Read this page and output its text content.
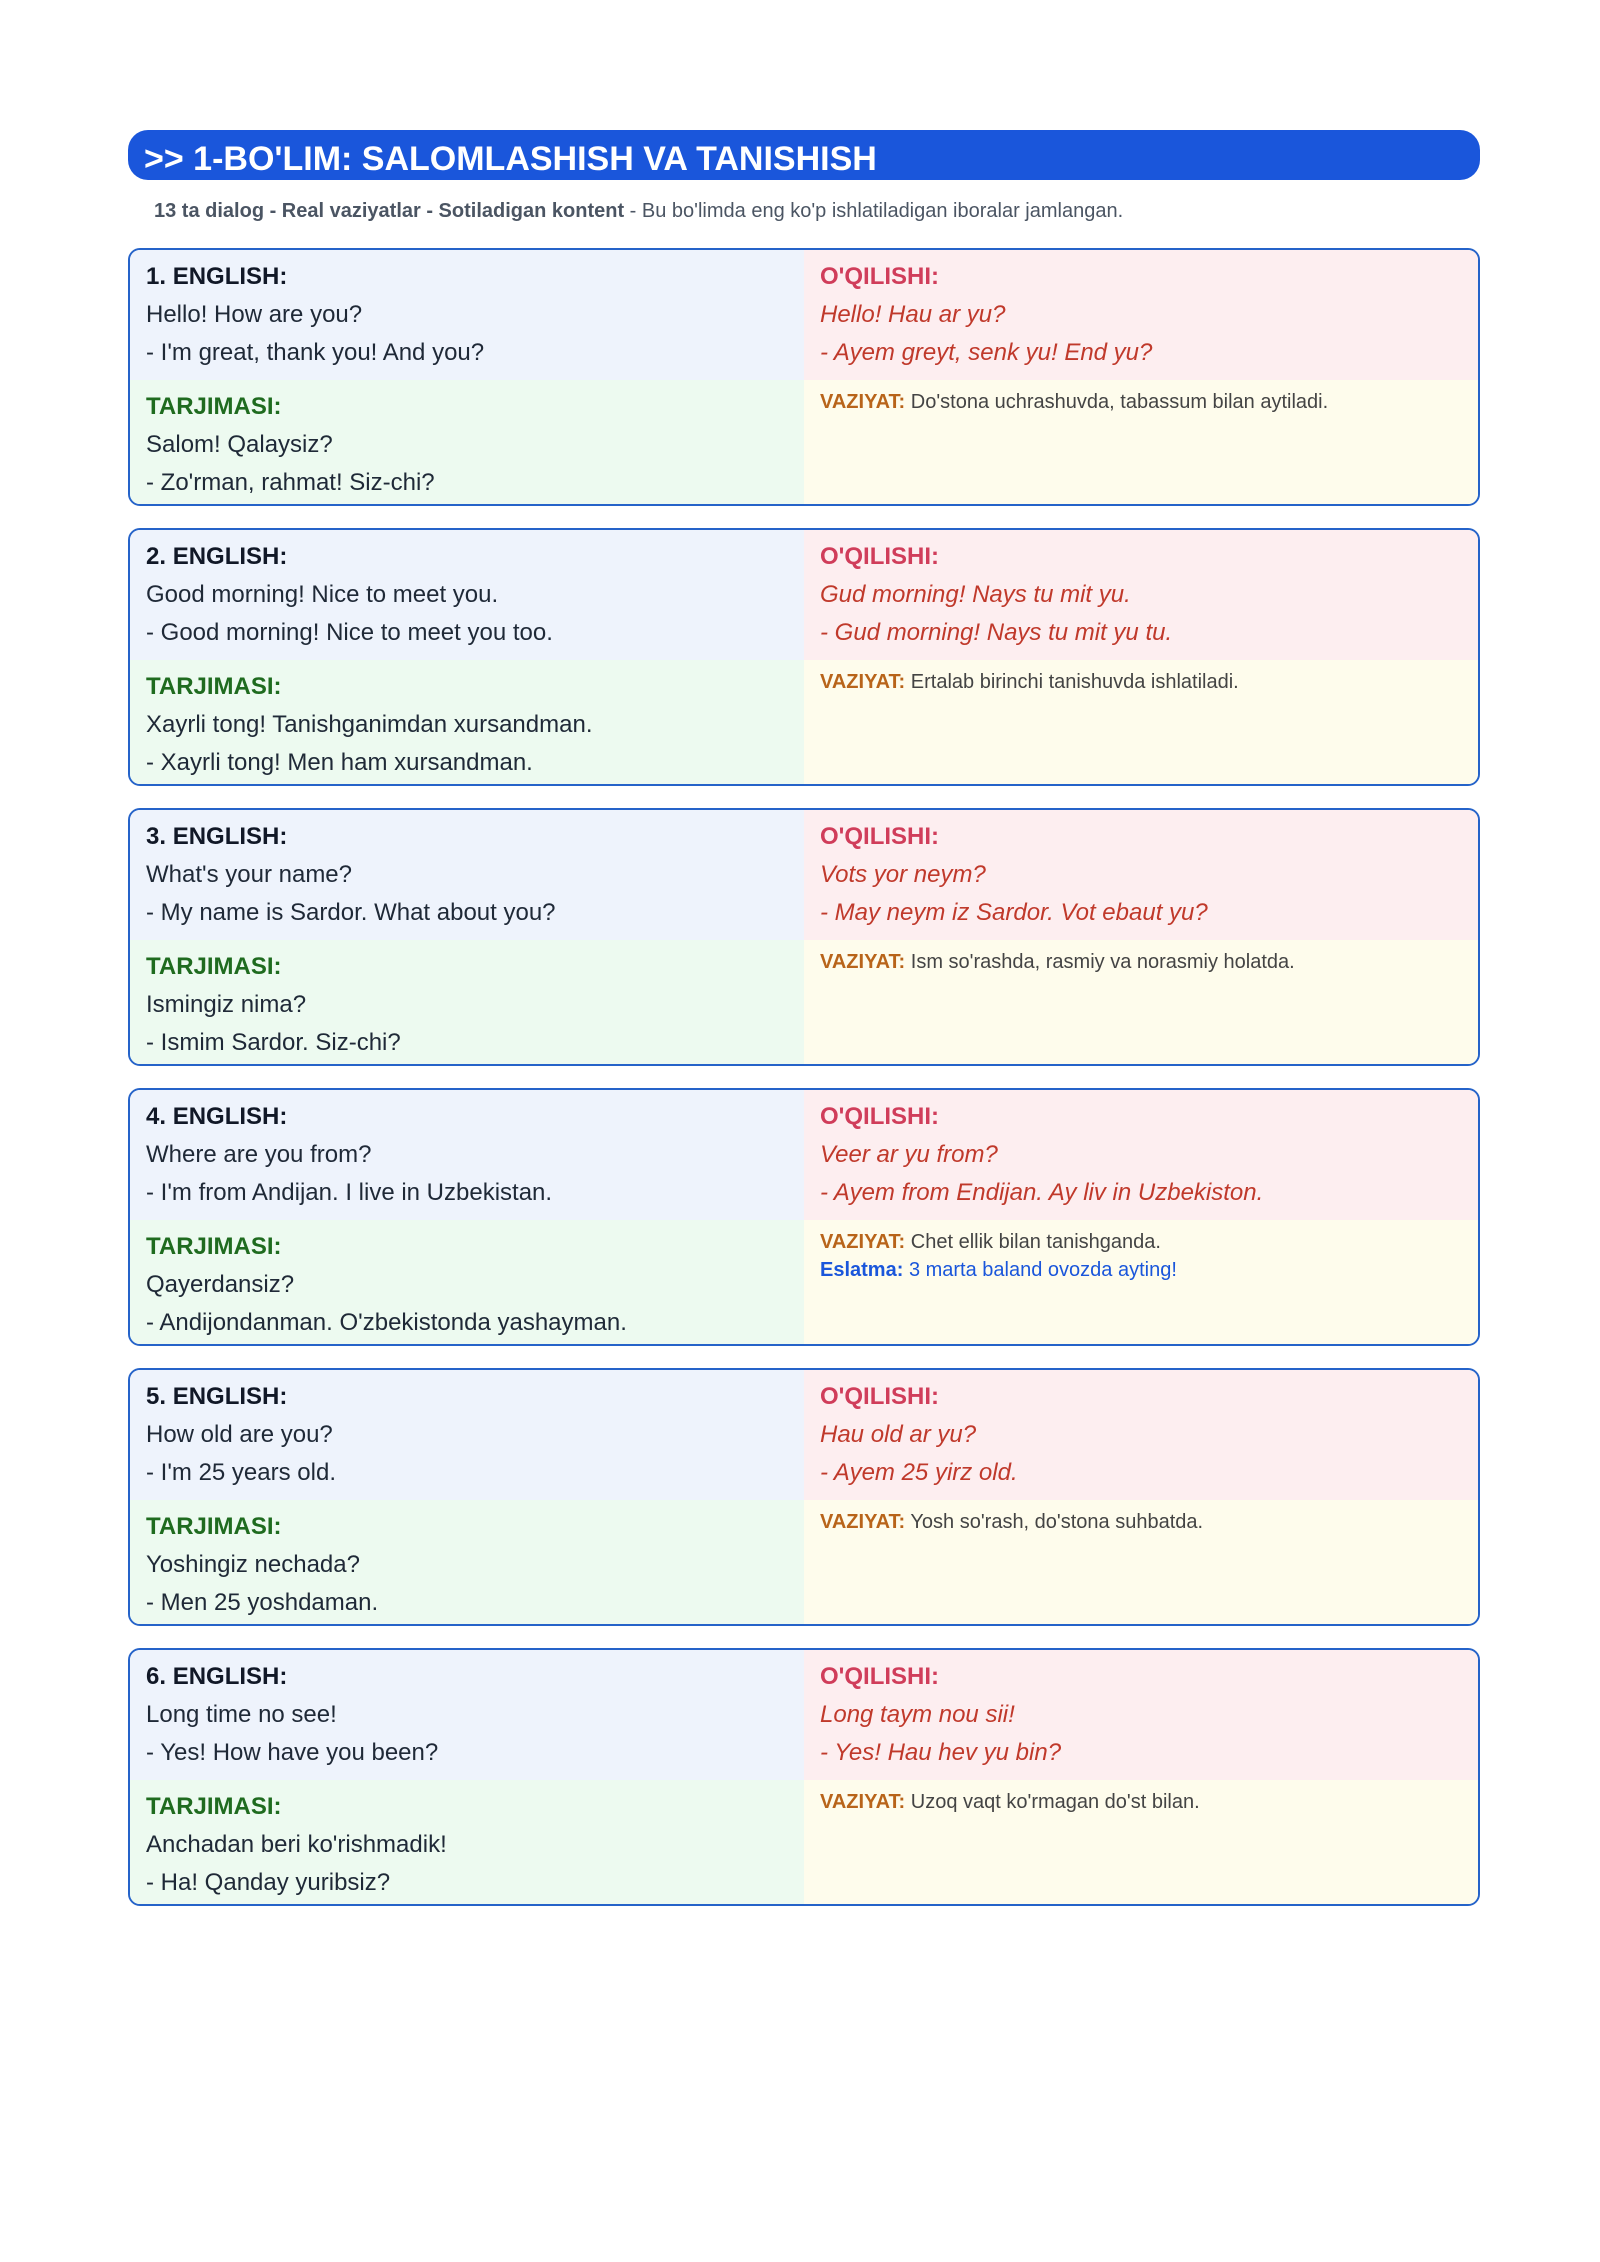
>> 1-BO'LIM: SALOMLASHISH VA TANISHISH
13 ta dialog - Real vaziyatlar - Sotiladigan kontent - Bu bo'limda eng ko'p ishlatiladigan iboralar jamlangan.
1. ENGLISH:
Hello! How are you?
- I'm great, thank you! And you?
O'QILISHI:
Hello! Hau ar yu?
- Ayem greyt, senk yu! End yu?
TARJIMASI:
Salom! Qalaysiz?
- Zo'rman, rahmat! Siz-chi?
VAZIYAT: Do'stona uchrashuvda, tabassum bilan aytiladi.
2. ENGLISH:
Good morning! Nice to meet you.
- Good morning! Nice to meet you too.
O'QILISHI:
Gud morning! Nays tu mit yu.
- Gud morning! Nays tu mit yu tu.
TARJIMASI:
Xayrli tong! Tanishganimdan xursandman.
- Xayrli tong! Men ham xursandman.
VAZIYAT: Ertalab birinchi tanishuvda ishlatiladi.
3. ENGLISH:
What's your name?
- My name is Sardor. What about you?
O'QILISHI:
Vots yor neym?
- May neym iz Sardor. Vot ebaut yu?
TARJIMASI:
Ismingiz nima?
- Ismim Sardor. Siz-chi?
VAZIYAT: Ism so'rashda, rasmiy va norasmiy holatda.
4. ENGLISH:
Where are you from?
- I'm from Andijan. I live in Uzbekistan.
O'QILISHI:
Veer ar yu from?
- Ayem from Endijan. Ay liv in Uzbekiston.
TARJIMASI:
Qayerdansiz?
- Andijondanman. O'zbekistonda yashayman.
VAZIYAT: Chet ellik bilan tanishganda.
Eslatma: 3 marta baland ovozda ayting!
5. ENGLISH:
How old are you?
- I'm 25 years old.
O'QILISHI:
Hau old ar yu?
- Ayem 25 yirz old.
TARJIMASI:
Yoshingiz nechada?
- Men 25 yoshdaman.
VAZIYAT: Yosh so'rash, do'stona suhbatda.
6. ENGLISH:
Long time no see!
- Yes! How have you been?
O'QILISHI:
Long taym nou sii!
- Yes! Hau hev yu bin?
TARJIMASI:
Anchadan beri ko'rishmadik!
- Ha! Qanday yuribsiz?
VAZIYAT: Uzoq vaqt ko'rmagan do'st bilan.
